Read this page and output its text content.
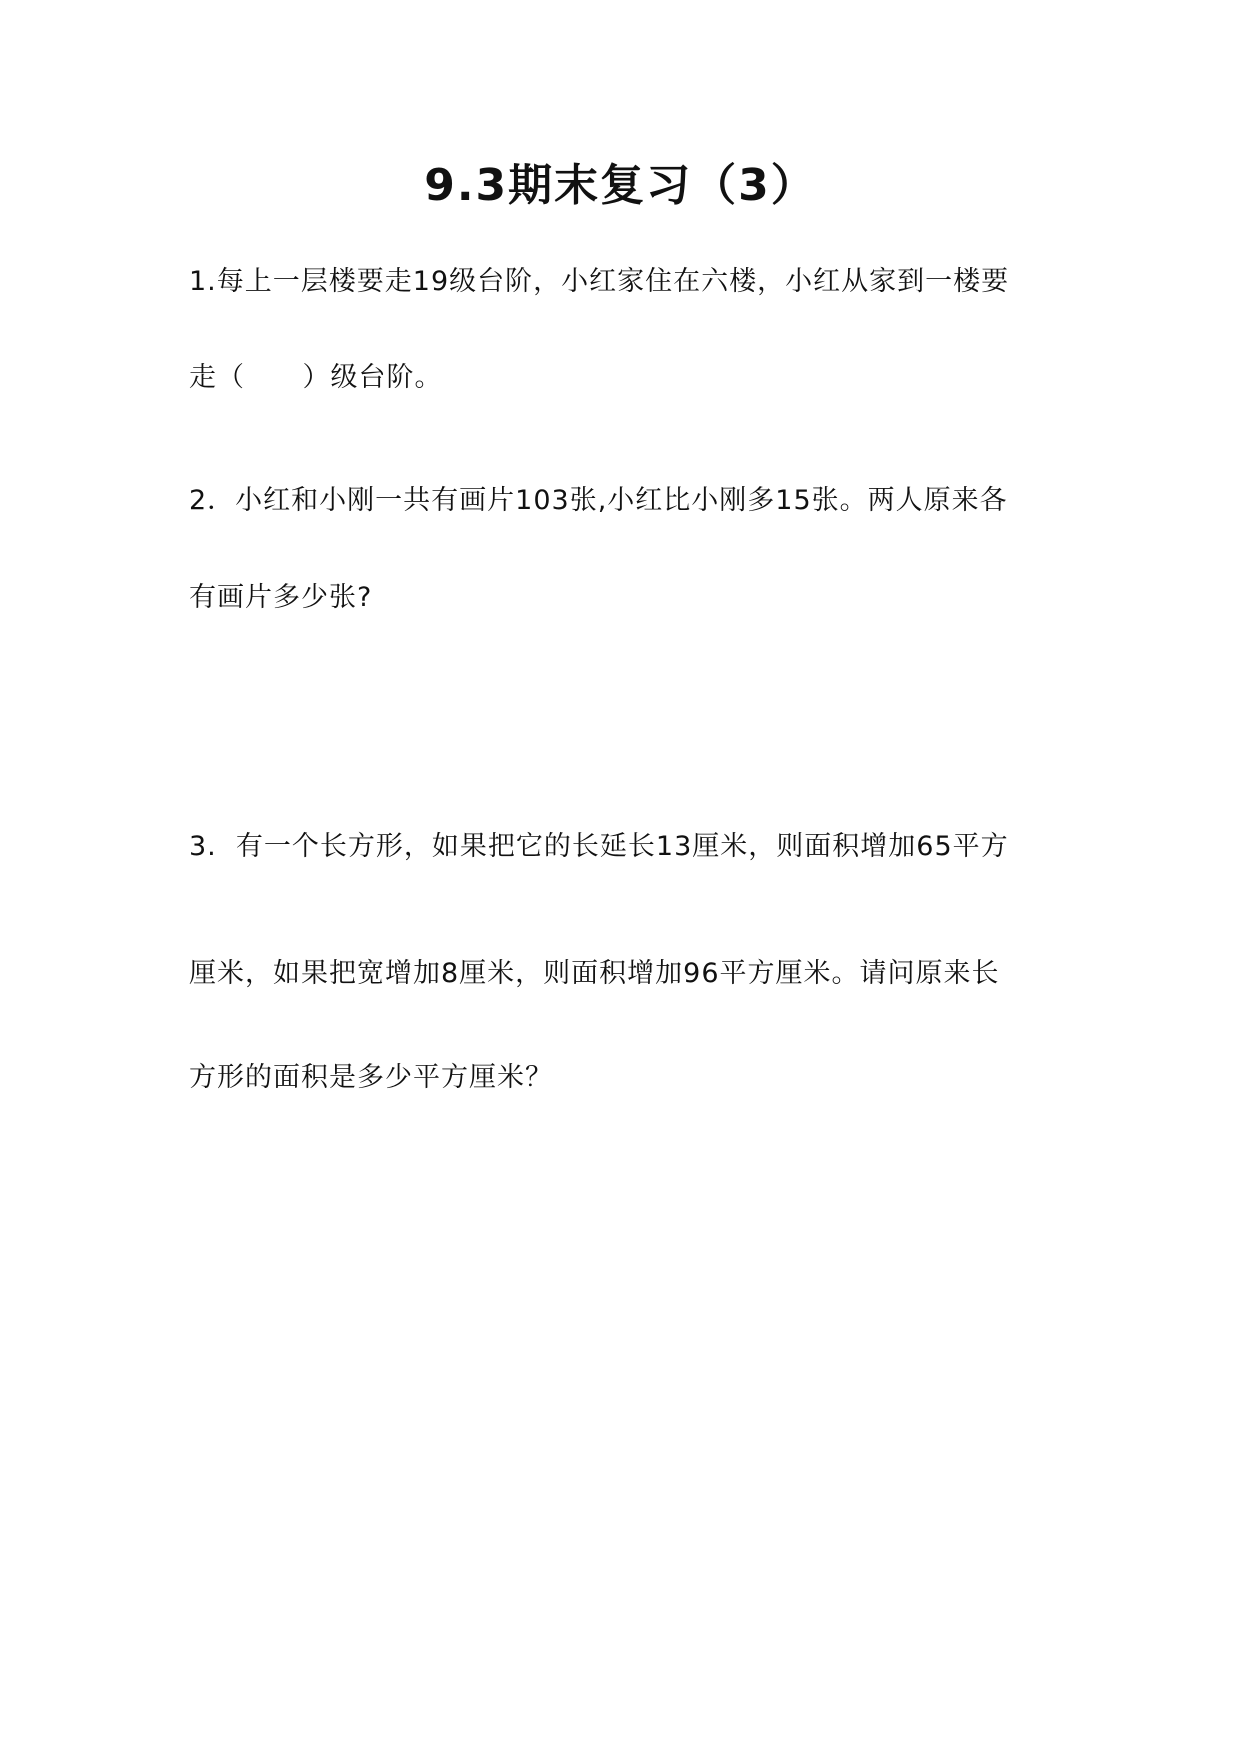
9.3期末复习（3）
1.每上一层楼要走19级台阶，小红家住在六楼，小红从家到一楼要
走（      ）级台阶。
2．小红和小刚一共有画片103张,小红比小刚多15张。两人原来各
有画片多少张?
3.  有一个长方形，如果把它的长延长13厘米，则面积增加65平方
厘米，如果把宽增加8厘米，则面积增加96平方厘米。请问原来长
方形的面积是多少平方厘米？
